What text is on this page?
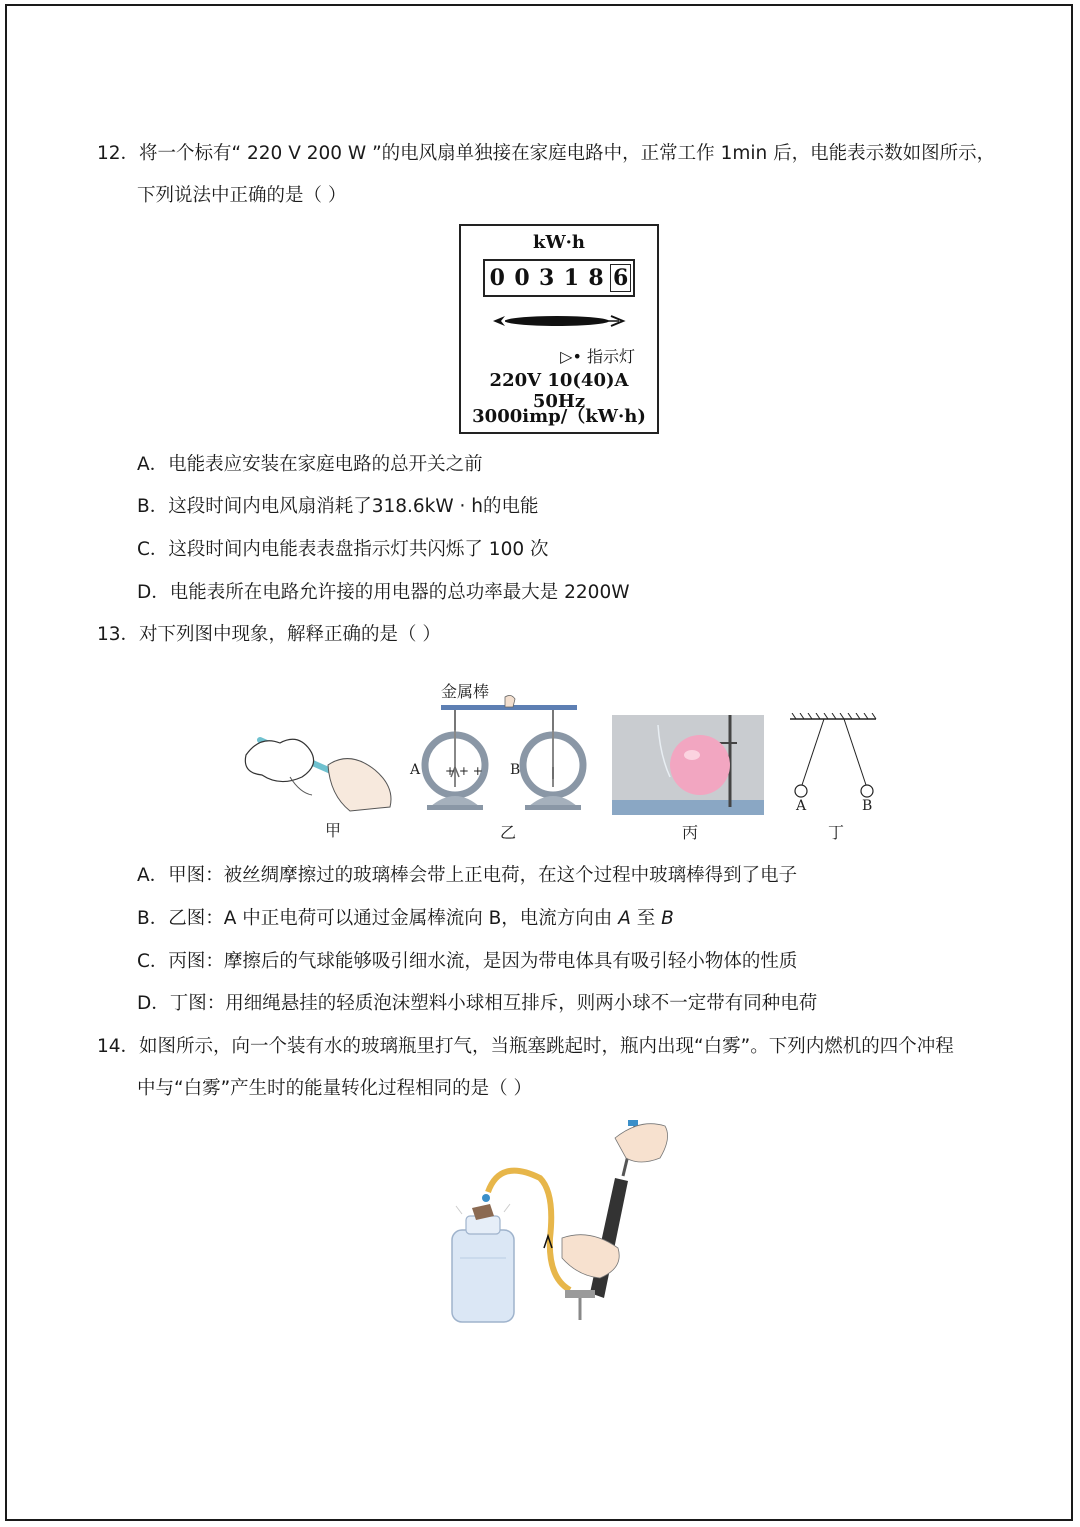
12．将一个标有“ 220 V 200 W ”的电风扇单独接在家庭电路中，正常工作 1min 后，电能表示数如图所示，
下列说法中正确的是（ ）
kW·h
0 0 3 1 8 6
▷• 指示灯
220V 10(40)A 50Hz
3000imp/（kW·h)
A．电能表应安装在家庭电路的总开关之前
B．这段时间内电风扇消耗了318.6kW · h的电能
C．这段时间内电能表表盘指示灯共闪烁了 100 次
D．电能表所在电路允许接的用电器的总功率最大是 2200W
13．对下列图中现象，解释正确的是（ ）
甲
金属棒
A	B
+ + +
乙	丙
A	B
丁
A．甲图：被丝绸摩擦过的玻璃棒会带上正电荷，在这个过程中玻璃棒得到了电子
B．乙图：A 中正电荷可以通过金属棒流向 B，电流方向由 A 至 B
C．丙图：摩擦后的气球能够吸引细水流，是因为带电体具有吸引轻小物体的性质
D．丁图：用细绳悬挂的轻质泡沫塑料小球相互排斥，则两小球不一定带有同种电荷
14．如图所示，向一个装有水的玻璃瓶里打气，当瓶塞跳起时，瓶内出现“白雾”。下列内燃机的四个冲程
中与“白雾”产生时的能量转化过程相同的是（ ）
